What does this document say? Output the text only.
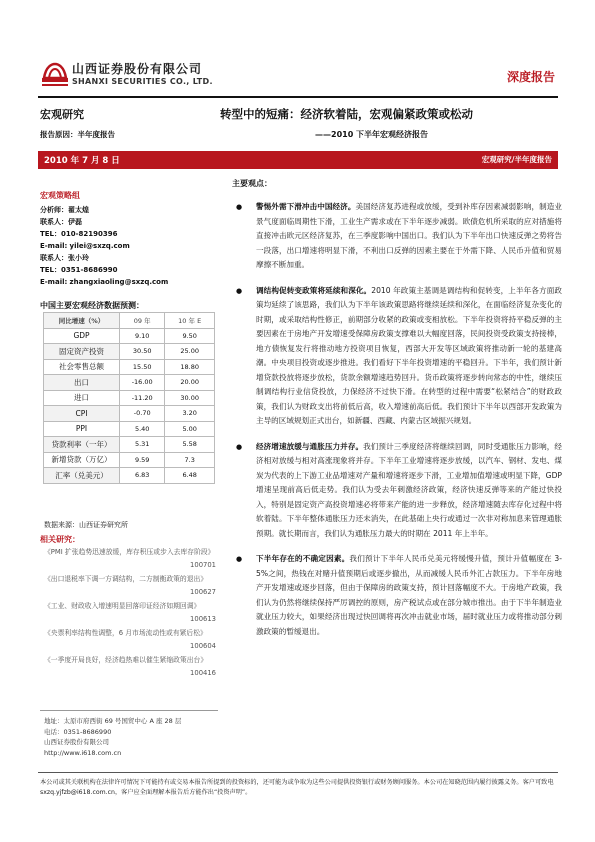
山西证券股份有限公司
SHANXI SECURITIES CO., LTD.	深度报告
宏观研究	转型中的短痛：经济软着陆，宏观偏紧政策或松动
报告原因：半年度报告	——2010 下半年宏观经济报告
2010 年 7 月 8 日	宏观研究/半年度报告
宏观策略组
分析师：翟太煌
联系人：伊磊
TEL：010-82190396
E-mail: yilei@sxzq.com
联系人：张小玲
TEL：0351-8686990
E-mail: zhangxiaoling@sxzq.com
中国主要宏观经济数据预测：
同比增速（%）	09 年	10 年 E
GDP	9.10	9.50
固定资产投资	30.50	25.00
社会零售总额	15.50	18.80
出口	-16.00	20.00
进口	-11.20	30.00
CPI	-0.70	3.20
PPI	5.40	5.00
贷款利率（一年）	5.31	5.58
新增贷款（万亿）	9.59	7.3
汇率（兑美元）	6.83	6.48
数据来源：山西证券研究所
相关研究：
《PMI 扩张趋势迅速放缓，库存积压或步入去库存阶段》
100701
《出口退税率下调一方调结构，二方制衡政策的退出》
100627
《工业、财政收入增速明显回落印证经济如期回调》
100613
《央票利率结构性调整，6 月市场流动性或有紧后松》
100604
《一季度开局良好，经济趋热难以催生紧缩政策出台》
100416
地址：太原市府西街 69 号国贸中心 A 座 28 层
电话：0351-8686990
山西证券股份有限公司
http://www.i618.com.cn
主要观点：
● 警惕外需下滑冲击中国经济。美国经济复苏进程或放缓，受到补库存因素减弱影响，制造业景气度面临周期性下滑，工业生产需求或在下半年逐步减弱。欧债危机所采取的应对措施将直接冲击欧元区经济复苏，在三季度影响中国出口。我们认为下半年出口快速反弹之势将告一段落，出口增速将明显下滑，不利出口反弹的因素主要在于外需下降、人民币升值和贸易摩擦不断加重。
● 调结构促转变政策将延续和深化。2010 年政策主基调是调结构和促转变，上半年各方面政策均延续了该思路，我们认为下半年该政策思路将继续延续和深化，在面临经济复杂变化的时期，或采取结构性修正，前期部分收紧的政策或变相放松。下半年投资将持平稳反弹的主要因素在于房地产开发增速受保障房政策支撑难以大幅度回落，民间投资受政策支持接棒，地方债恢复发行将推动地方投资项目恢复，西部大开发等区域政策将推动新一轮的基建高潮。中央项目投资或逐步推进。我们看好下半年投资增速的平稳回升。下半年，我们预计新增贷款投放将逐步放松，货款余额增速趋势回升。货币政策将逐步转向常态的中性，继续压制调结构行业信贷投放，力保经济不过快下滑。在转型的过程中需要“松紧结合”的财政政策，我们认为财政支出将前低后高，收入增速前高后低。我们预计下半年以西部开发政策为主导的区域规划正式出台，如新疆、西藏、内蒙古区域振兴规划。
● 经济增速放缓与通胀压力并存。我们预计三季度经济将继续回调，同时受通胀压力影响，经济相对放缓与相对高涨现象将并存。下半年工业增速将逐步放缓，以汽车、钢材、发电、煤炭为代表的上下游工业品增速对产量和增速将逐步下滑，工业增加值增速或明显下降，GDP 增速呈现前高后低走势。我们认为受去年刺激经济政策，经济快速反弹等来的产能过快投入，特别是固定资产高投资增速必将带来产能的进一步释放，经济增速随去库存化过程中将软着陆。下半年整体通胀压力还未消失，在此基础上央行或通过一次非对称加息来管理通胀预期。就长期而言，我们认为通胀压力最大的时期在 2011 年上半年。
● 下半年存在的不确定因素。我们预计下半年人民币兑美元将缓慢升值，预计升值幅度在 3-5%之间，热钱在对赌升值预期后或逐步撤出，从而减缓人民币外汇占款压力。下半年房地产开发增速或逐步回落，但由于保障房的政策支持，预计回落幅度不大。于房地产政策，我们认为仍然将继续保持严厉调控的原则，房产税试点或在部分城市推出。由于下半年制造业就业压力较大，如果经济出现过快回调将再次冲击就业市场，届时就业压力或将推动部分刺激政策的暂缓退出。
本公司或其关联机构在法律许可情况下可能持有或交易本报告所提到的投资标的，还可能为或争取为这些公司提供投资银行或财务顾问服务。本公司在知晓范围内履行披露义务。客户可致电 sxzq.yjfzb@i618.com.cn，客户应全面理解本报告后方能作出“投资声明”。
